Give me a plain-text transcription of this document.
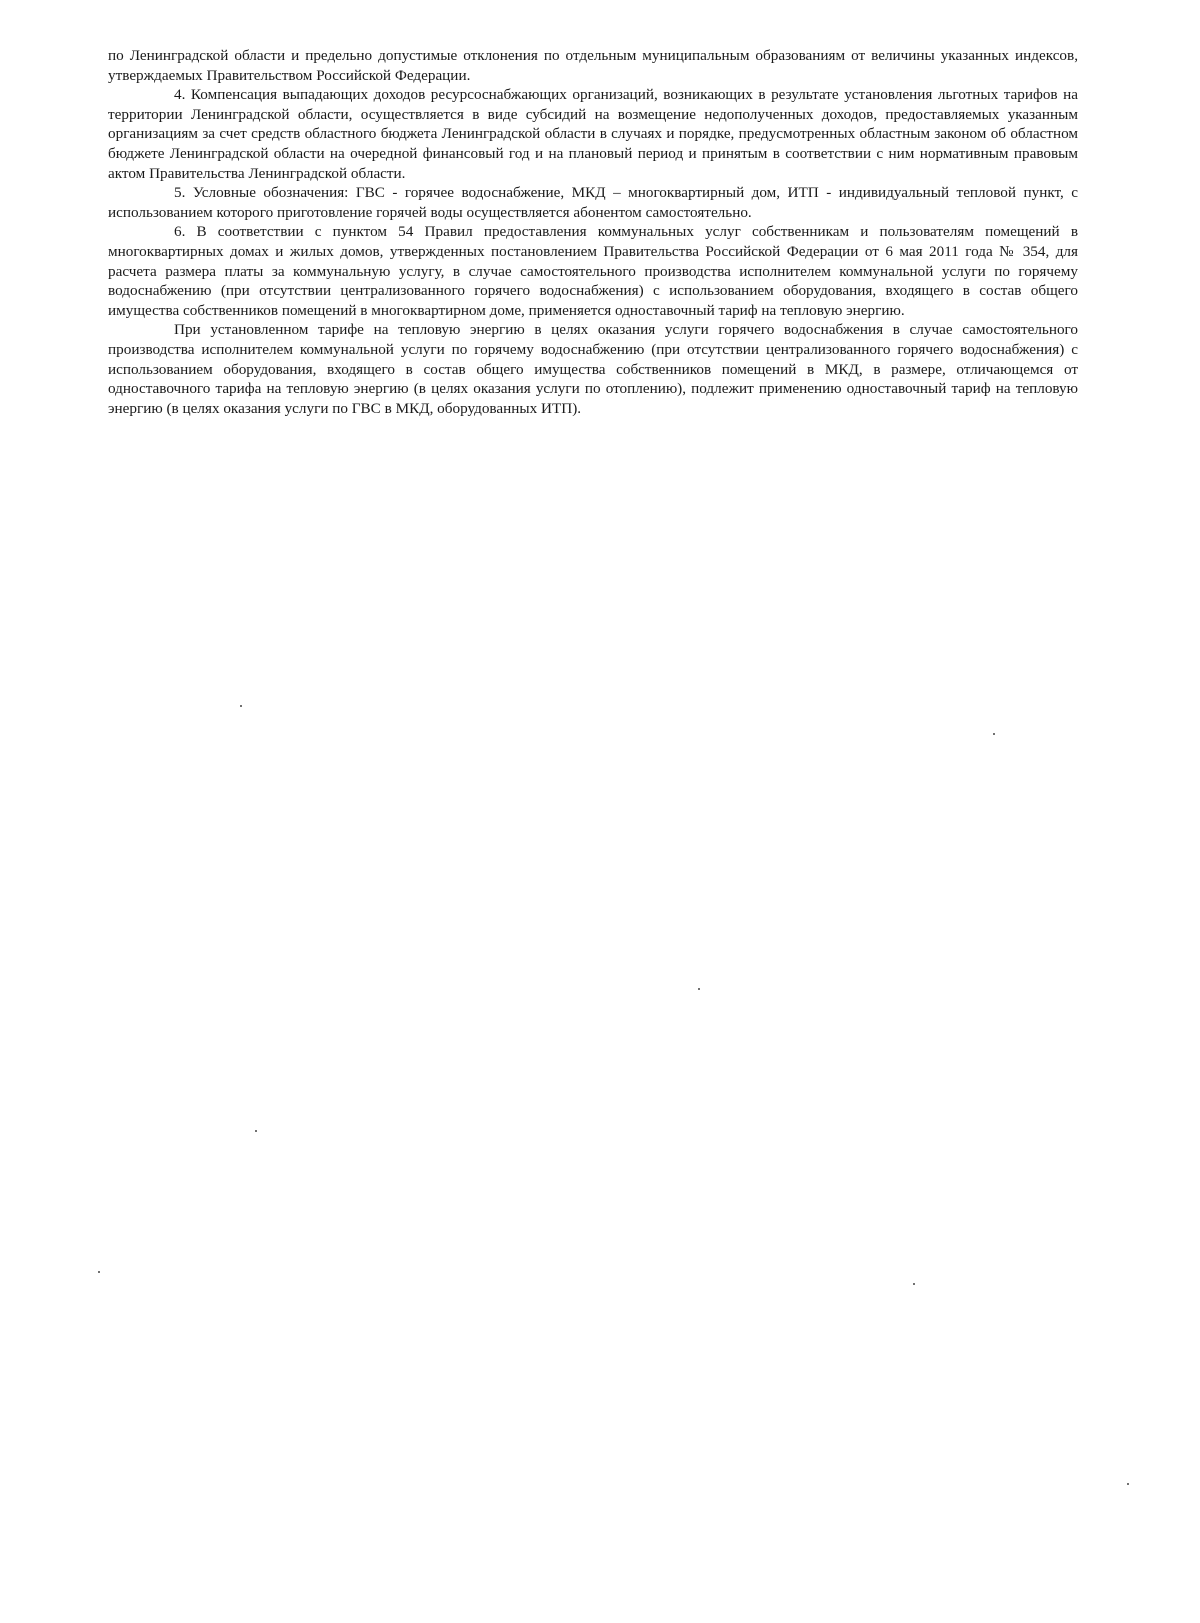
по Ленинградской области и предельно допустимые отклонения по отдельным муниципальным образованиям от величины указанных индексов, утверждаемых Правительством Российской Федерации.

4. Компенсация выпадающих доходов ресурсоснабжающих организаций, возникающих в результате установления льготных тарифов на территории Ленинградской области, осуществляется в виде субсидий на возмещение недополученных доходов, предоставляемых указанным организациям за счет средств областного бюджета Ленинградской области в случаях и порядке, предусмотренных областным законом об областном бюджете Ленинградской области на очередной финансовый год и на плановый период и принятым в соответствии с ним нормативным правовым актом Правительства Ленинградской области.

5. Условные обозначения: ГВС - горячее водоснабжение, МКД – многоквартирный дом, ИТП - индивидуальный тепловой пункт, с использованием которого приготовление горячей воды осуществляется абонентом самостоятельно.

6. В соответствии с пунктом 54 Правил предоставления коммунальных услуг собственникам и пользователям помещений в многоквартирных домах и жилых домов, утвержденных постановлением Правительства Российской Федерации от 6 мая 2011 года № 354, для расчета размера платы за коммунальную услугу, в случае самостоятельного производства исполнителем коммунальной услуги по горячему водоснабжению (при отсутствии централизованного горячего водоснабжения) с использованием оборудования, входящего в состав общего имущества собственников помещений в многоквартирном доме, применяется одноставочный тариф на тепловую энергию.

При установленном тарифе на тепловую энергию в целях оказания услуги горячего водоснабжения в случае самостоятельного производства исполнителем коммунальной услуги по горячему водоснабжению (при отсутствии централизованного горячего водоснабжения) с использованием оборудования, входящего в состав общего имущества собственников помещений в МКД, в размере, отличающемся от одноставочного тарифа на тепловую энергию (в целях оказания услуги по отоплению), подлежит применению одноставочный тариф на тепловую энергию (в целях оказания услуги по ГВС в МКД, оборудованных ИТП).
